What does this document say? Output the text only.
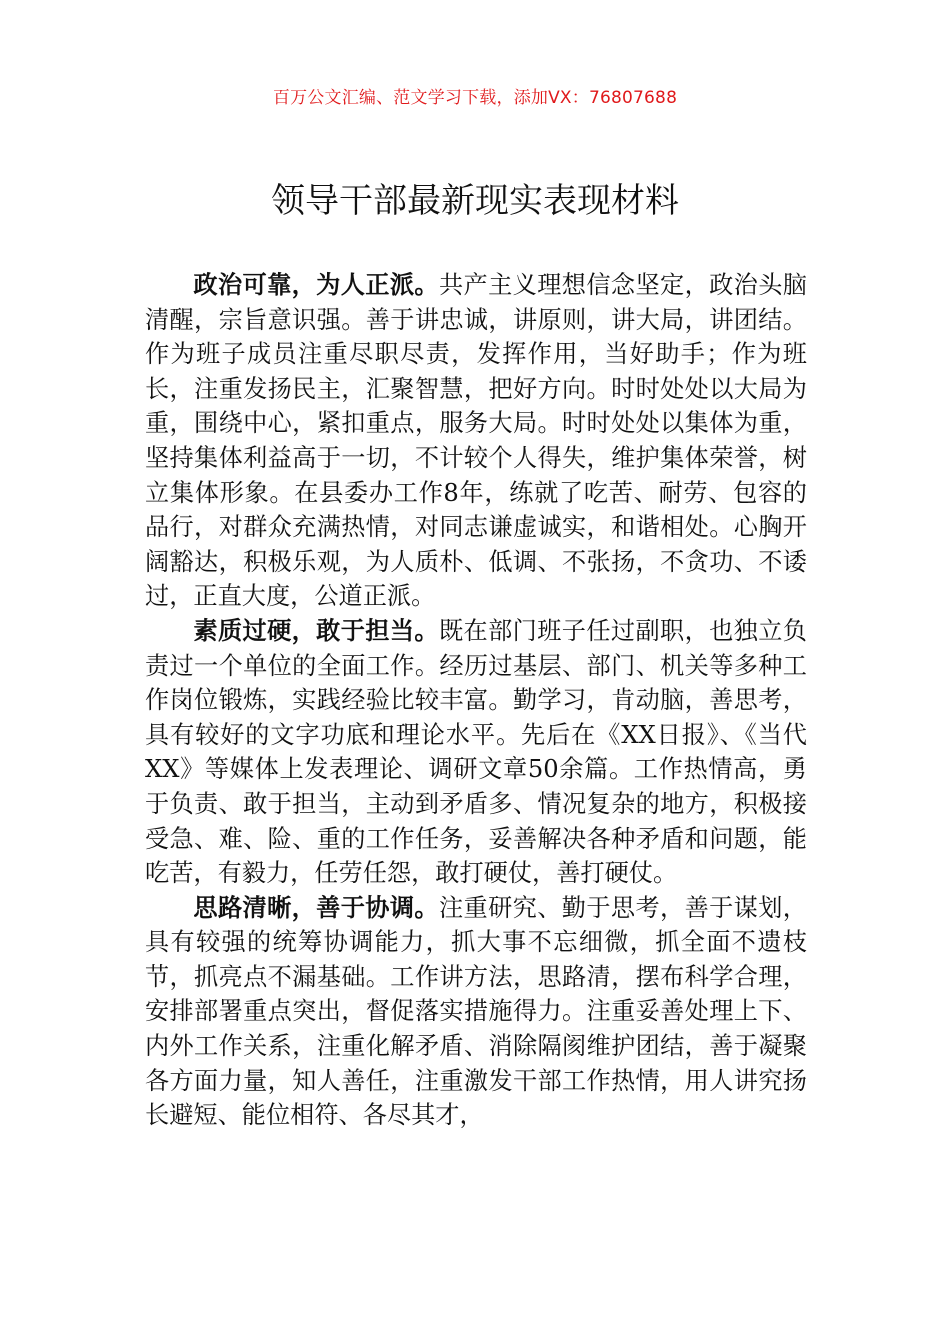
百万公文汇编、范文学习下载，添加VX：76807688
领导干部最新现实表现材料

政治可靠，为人正派。共产主义理想信念坚定，政治头脑清醒，宗旨意识强。善于讲忠诚，讲原则，讲大局，讲团结。作为班子成员注重尽职尽责，发挥作用，当好助手；作为班长，注重发扬民主，汇聚智慧，把好方向。时时处处以大局为重，围绕中心，紧扣重点，服务大局。时时处处以集体为重，坚持集体利益高于一切，不计较个人得失，维护集体荣誉，树立集体形象。在县委办工作8年，练就了吃苦、耐劳、包容的品行，对群众充满热情，对同志谦虚诚实，和谐相处。心胸开阔豁达，积极乐观，为人质朴、低调、不张扬，不贪功、不诿过，正直大度，公道正派。

素质过硬，敢于担当。既在部门班子任过副职，也独立负责过一个单位的全面工作。经历过基层、部门、机关等多种工作岗位锻炼，实践经验比较丰富。勤学习，肯动脑，善思考，具有较好的文字功底和理论水平。先后在《XX日报》、《当代XX》等媒体上发表理论、调研文章50余篇。工作热情高，勇于负责、敢于担当，主动到矛盾多、情况复杂的地方，积极接受急、难、险、重的工作任务，妥善解决各种矛盾和问题，能吃苦，有毅力，任劳任怨，敢打硬仗，善打硬仗。

思路清晰，善于协调。注重研究、勤于思考，善于谋划，具有较强的统筹协调能力，抓大事不忘细微，抓全面不遗枝节，抓亮点不漏基础。工作讲方法，思路清，摆布科学合理，安排部署重点突出，督促落实措施得力。注重妥善处理上下、内外工作关系，注重化解矛盾、消除隔阂维护团结，善于凝聚各方面力量，知人善任，注重激发干部工作热情，用人讲究扬长避短、能位相符、各尽其才，
